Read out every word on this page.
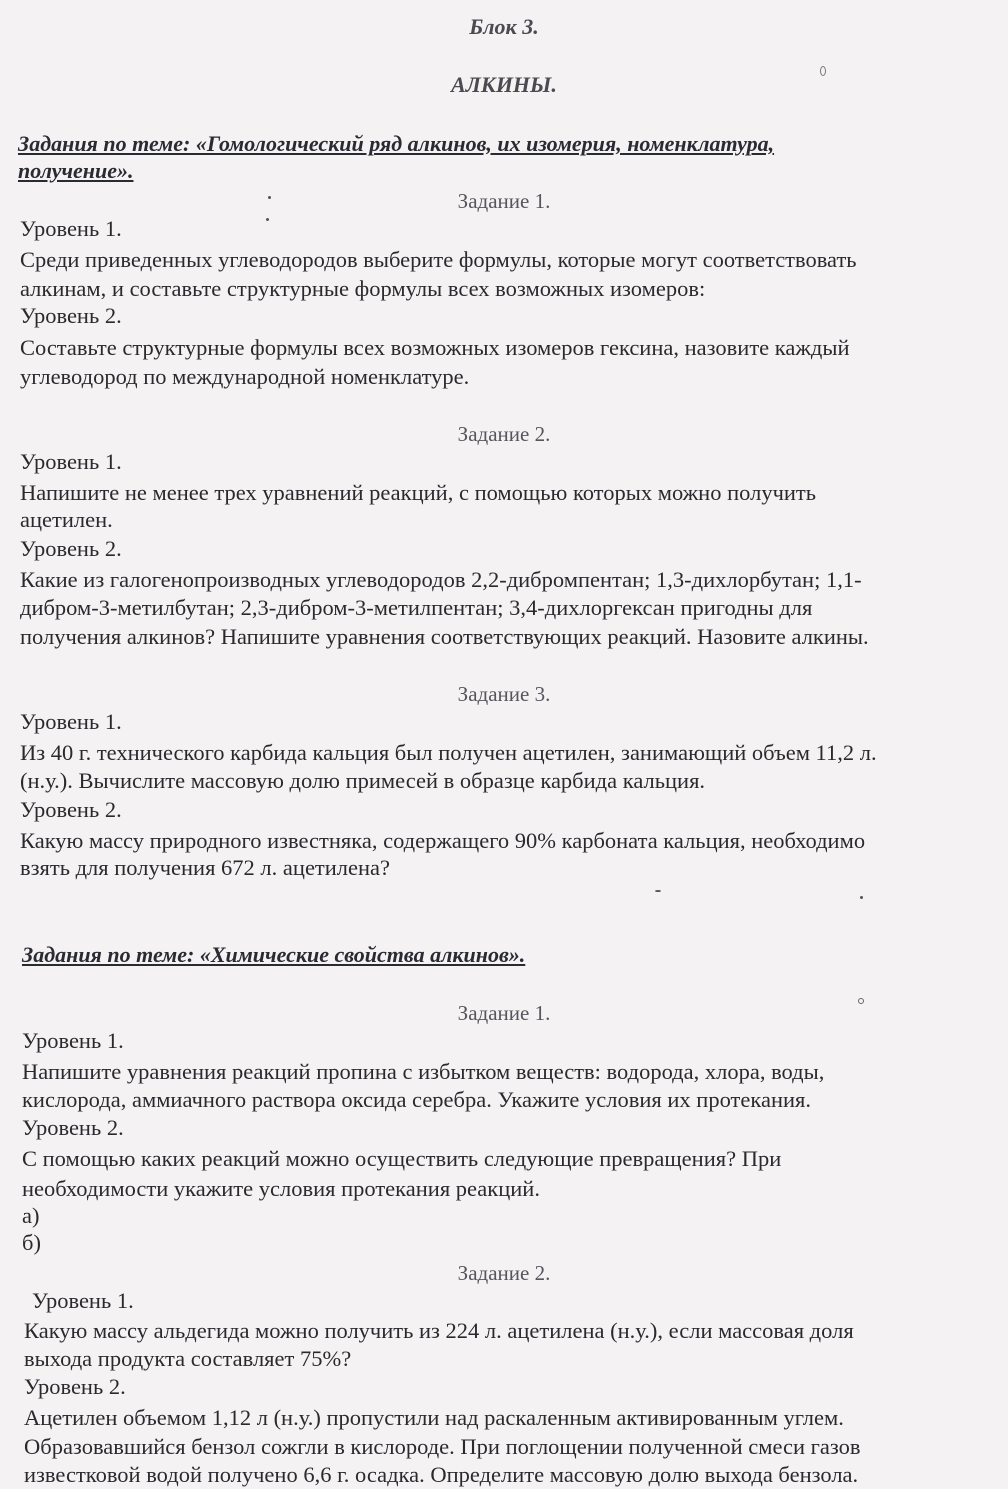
Блок 3.
АЛКИНЫ.
Задания по теме: «Гомологический ряд алкинов, их изомерия, номенклатура,
получение».
Задание 1.
Уровень 1.
Среди приведенных углеводородов выберите формулы, которые могут соответствовать
алкинам, и составьте структурные формулы всех возможных изомеров:
Уровень 2.
Составьте структурные формулы всех возможных изомеров гексина, назовите каждый
углеводород по международной номенклатуре.
Задание 2.
Уровень 1.
Напишите не менее трех уравнений реакций, с помощью которых можно получить
ацетилен.
Уровень 2.
Какие из галогенопроизводных углеводородов 2,2-дибромпентан; 1,3-дихлорбутан; 1,1-
дибром-3-метилбутан; 2,3-дибром-3-метилпентан; 3,4-дихлоргексан пригодны для
получения алкинов? Напишите уравнения соответствующих реакций. Назовите алкины.
Задание 3.
Уровень 1.
Из 40 г. технического карбида кальция был получен ацетилен, занимающий объем 11,2 л.
(н.у.). Вычислите массовую долю примесей в образце карбида кальция.
Уровень 2.
Какую массу природного известняка, содержащего 90% карбоната кальция, необходимо
взять для получения 672 л. ацетилена?
Задания по теме: «Химические свойства алкинов».
Задание 1.
Уровень 1.
Напишите уравнения реакций пропина с избытком веществ: водорода, хлора, воды,
кислорода, аммиачного раствора оксида серебра. Укажите условия их протекания.
Уровень 2.
С помощью каких реакций можно осуществить следующие превращения? При
необходимости укажите условия протекания реакций.
а)
б)
Задание 2.
Уровень 1.
Какую массу альдегида можно получить из 224 л. ацетилена (н.у.), если массовая доля
выхода продукта составляет 75%?
Уровень 2.
Ацетилен объемом 1,12 л (н.у.) пропустили над раскаленным активированным углем.
Образовавшийся бензол сожгли в кислороде. При поглощении полученной смеси газов
известковой водой получено 6,6 г. осадка. Определите массовую долю выхода бензола.
